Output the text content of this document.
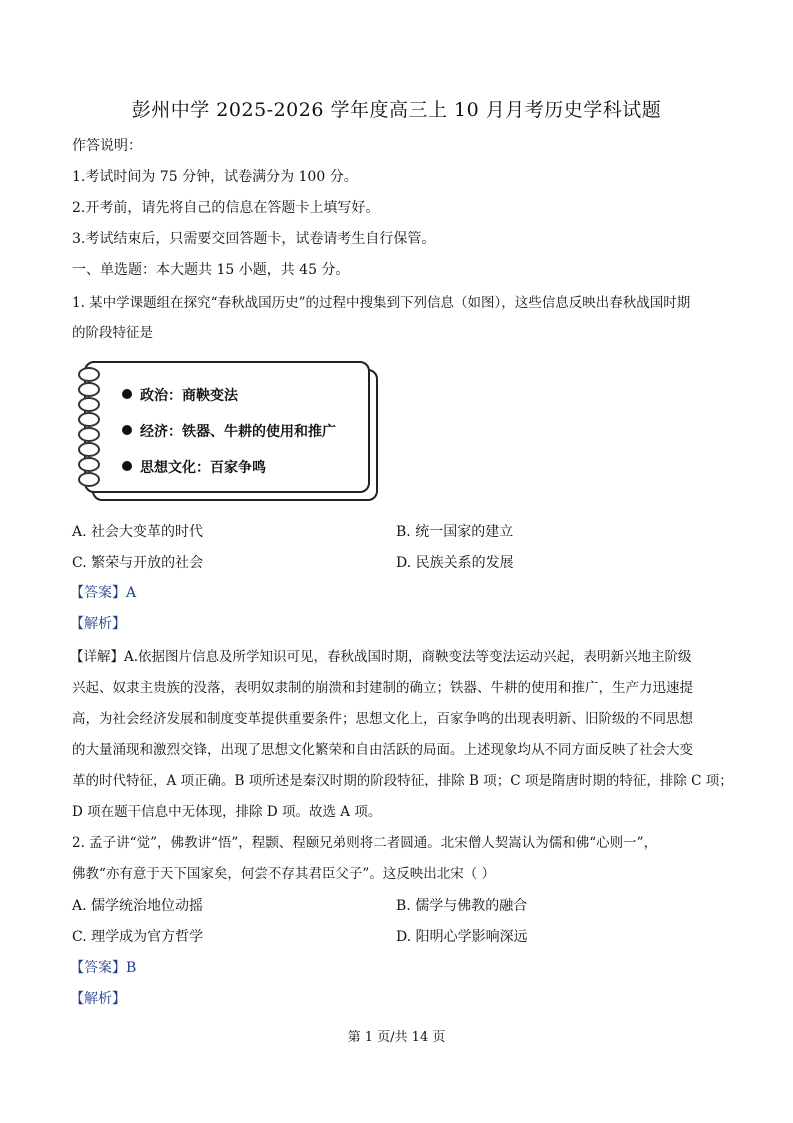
彭州中学 2025-2026 学年度高三上 10 月月考历史学科试题
作答说明：
1.考试时间为 75 分钟，试卷满分为 100 分。
2.开考前，请先将自己的信息在答题卡上填写好。
3.考试结束后，只需要交回答题卡，试卷请考生自行保管。
一、单选题：本大题共 15 小题，共 45 分。
1. 某中学课题组在探究“春秋战国历史”的过程中搜集到下列信息（如图），这些信息反映出春秋战国时期
的阶段特征是
政治：商鞅变法
经济：铁器、牛耕的使用和推广
思想文化：百家争鸣
A. 社会大变革的时代	B. 统一国家的建立
C. 繁荣与开放的社会	D. 民族关系的发展
【答案】A
【解析】
【详解】A.依据图片信息及所学知识可见，春秋战国时期，商鞅变法等变法运动兴起，表明新兴地主阶级
兴起、奴隶主贵族的没落，表明奴隶制的崩溃和封建制的确立；铁器、牛耕的使用和推广，生产力迅速提
高，为社会经济发展和制度变革提供重要条件；思想文化上，百家争鸣的出现表明新、旧阶级的不同思想
的大量涌现和激烈交锋，出现了思想文化繁荣和自由活跃的局面。上述现象均从不同方面反映了社会大变
革的时代特征，A 项正确。B 项所述是秦汉时期的阶段特征，排除 B 项；C 项是隋唐时期的特征，排除 C 项；
D 项在题干信息中无体现，排除 D 项。故选 A 项。
2. 孟子讲“觉”，佛教讲“悟”，程颢、程颐兄弟则将二者圆通。北宋僧人契嵩认为儒和佛“心则一”，
佛教“亦有意于天下国家矣，何尝不存其君臣父子”。这反映出北宋（ ）
A. 儒学统治地位动摇	B. 儒学与佛教的融合
C. 理学成为官方哲学	D. 阳明心学影响深远
【答案】B
【解析】
第 1 页/共 14 页
